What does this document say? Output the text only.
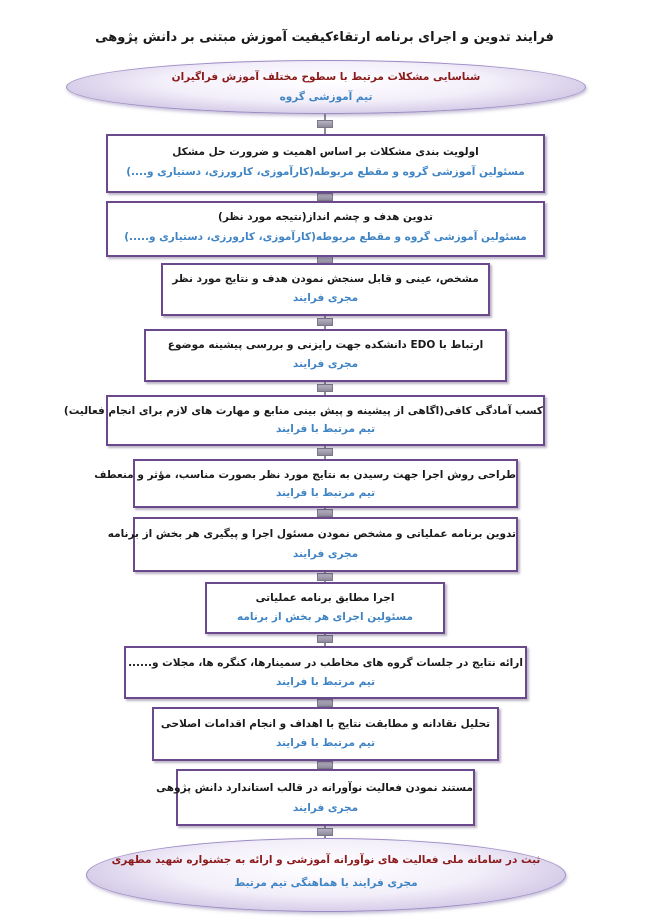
فرایند تدوین و اجرای برنامه ارتقاءکیفیت آموزش مبتنی بر دانش پژوهی
شناسایی مشکلات مرتبط با سطوح مختلف آموزش فراگیران
تیم آموزشی گروه
اولویت بندی مشکلات بر اساس اهمیت و ضرورت حل مشکل
مسئولین آموزشی گروه و مقطع مربوطه(کارآموزی، کارورزی، دستیاری و....)
تدوین هدف و چشم انداز(نتیجه مورد نظر)
مسئولین آموزشی گروه و مقطع مربوطه(کارآموزی، کارورزی، دستیاری و.....)
مشخص، عینی و قابل سنجش نمودن هدف و نتایج مورد نظر
مجری فرایند
ارتباط با EDO دانشکده جهت رایزنی و بررسی پیشینه موضوع
مجری فرایند
کسب آمادگی کافی(اگاهی از پیشینه و پیش بینی منابع و مهارت های لازم برای انجام فعالیت)
تیم مرتبط با فرایند
طراحی روش اجرا جهت رسیدن به نتایج مورد نظر بصورت مناسب، مؤثر و منعطف
تیم مرتبط با فرایند
تدوین برنامه عملیاتی و مشخص نمودن مسئول اجرا و پیگیری هر بخش از برنامه
مجری فرایند
اجرا مطابق برنامه عملیاتی
مسئولین اجرای هر بخش از برنامه
ارائه نتایج در جلسات گروه های مخاطب در سمینارها، کنگره ها، مجلات و......
تیم مرتبط با فرایند
تحلیل نقادانه و مطابقت نتایج با اهداف و انجام اقدامات اصلاحی
تیم مرتبط با فرایند
مستند نمودن فعالیت نوآورانه در قالب استاندارد دانش پژوهی
مجری فرایند
ثبت در سامانه ملی فعالیت های نوآورانه آموزشی و ارائه به جشنواره شهید مطهری
مجری فرایند با هماهنگی تیم مرتبط
